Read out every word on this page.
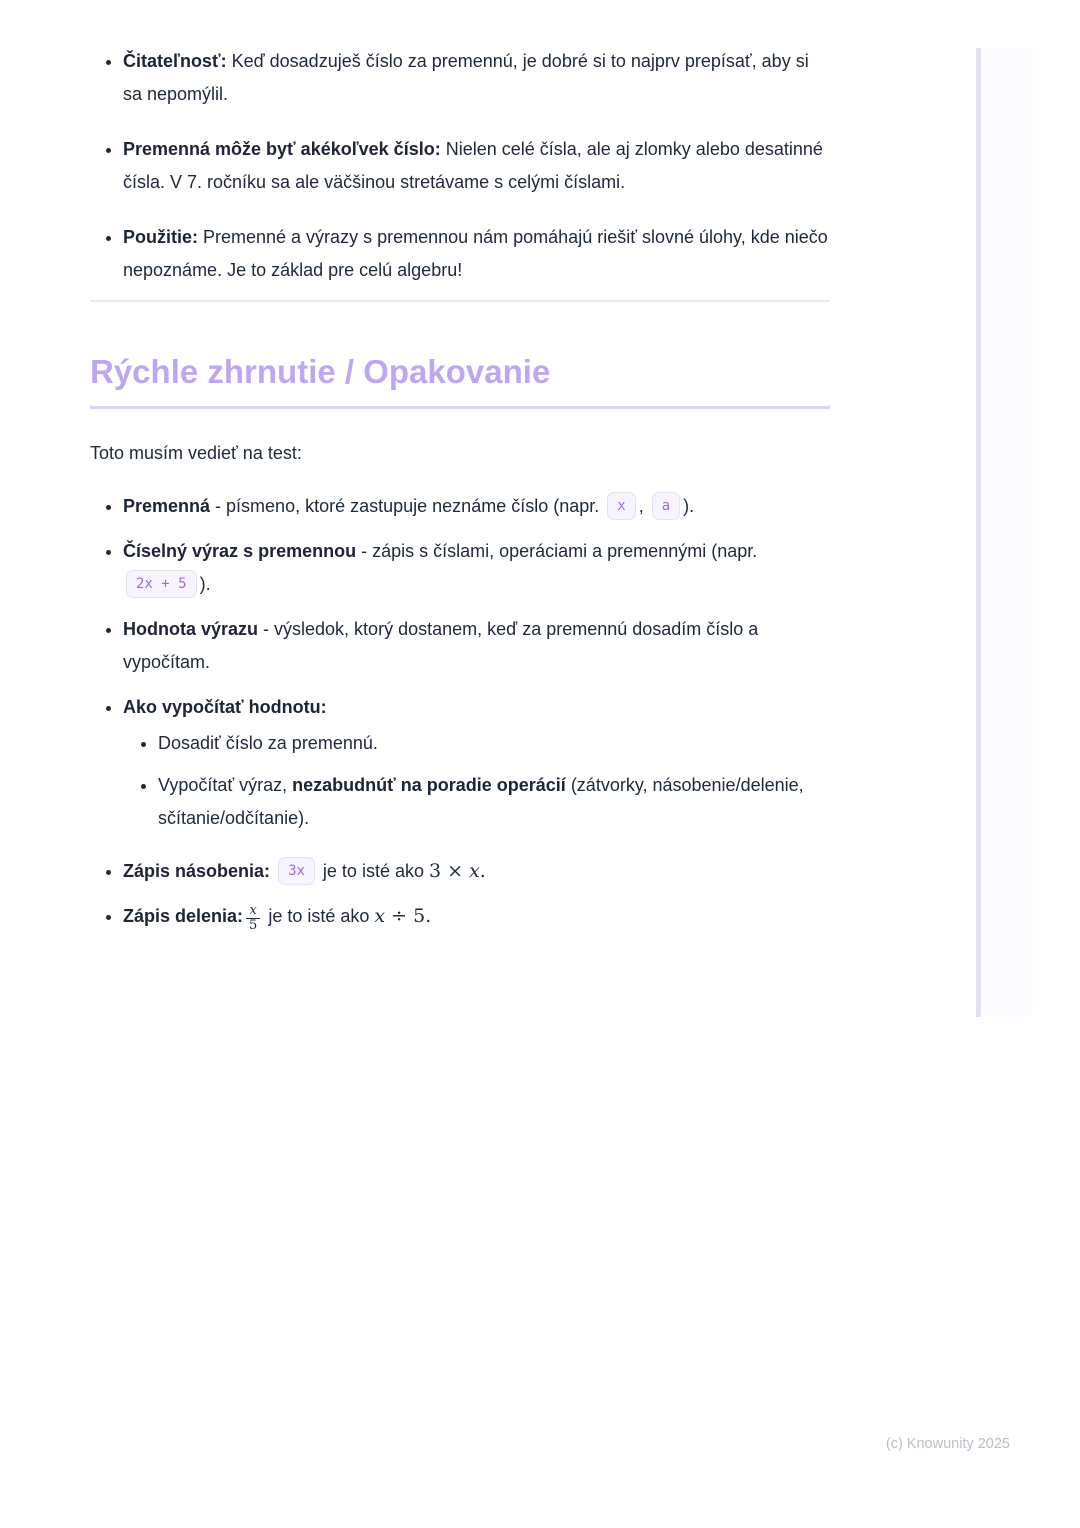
• Čitateľnosť: Keď dosadzuješ číslo za premennú, je dobré si to najprv prepísať, aby si sa nepomýlil.
• Premenná môže byť akékoľvek číslo: Nielen celé čísla, ale aj zlomky alebo desatinné čísla. V 7. ročníku sa ale väčšinou stretávame s celými číslami.
• Použitie: Premenné a výrazy s premennou nám pomáhajú riešiť slovné úlohy, kde niečo nepoznáme. Je to základ pre celú algebru!
Rýchle zhrnutie / Opakovanie

Toto musím vedieť na test:

• Premenná - písmeno, ktoré zastupuje neznáme číslo (napr. x , a ).
• Číselný výraz s premennou - zápis s číslami, operáciami a premennými (napr. 2x + 5 ).
• Hodnota výrazu - výsledok, ktorý dostanem, keď za premennú dosadím číslo a vypočítam.
• Ako vypočítať hodnotu:
• Dosadiť číslo za premennú.
• Vypočítať výraz, nezabudnúť na poradie operácií (zátvorky, násobenie/delenie, sčítanie/odčítanie).
• Zápis násobenia: 3x je to isté ako 3 × x.
• Zápis delenia: $\frac{x}{5}$ je to isté ako x ÷ 5.
(c) Knowunity 2025
